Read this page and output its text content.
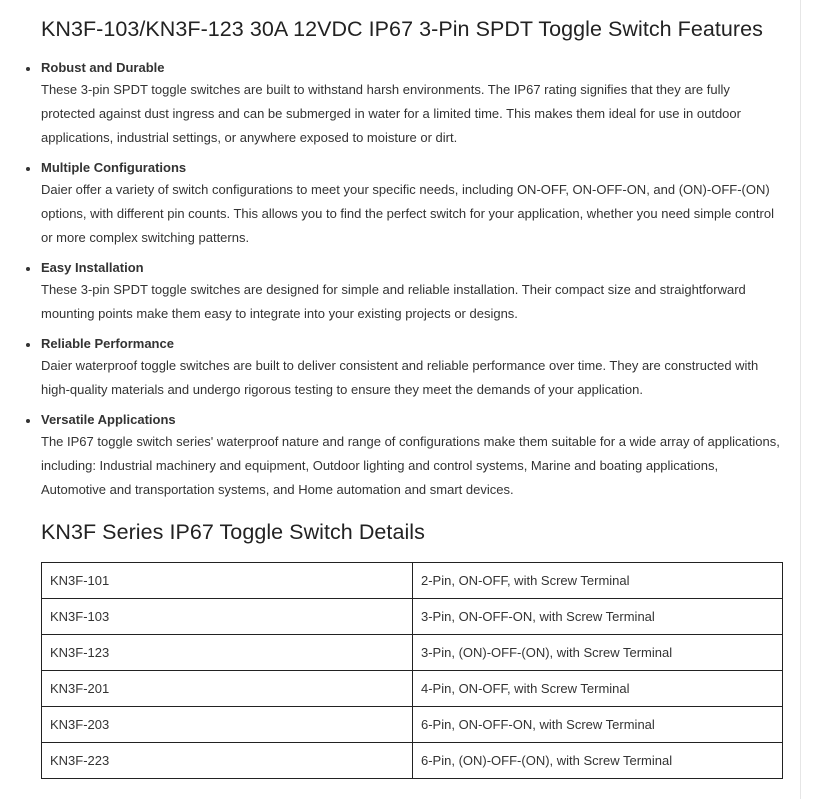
KN3F-103/KN3F-123 30A 12VDC IP67 3-Pin SPDT Toggle Switch Features
Robust and Durable
These 3-pin SPDT toggle switches are built to withstand harsh environments. The IP67 rating signifies that they are fully protected against dust ingress and can be submerged in water for a limited time. This makes them ideal for use in outdoor applications, industrial settings, or anywhere exposed to moisture or dirt.
Multiple Configurations
Daier offer a variety of switch configurations to meet your specific needs, including ON-OFF, ON-OFF-ON, and (ON)-OFF-(ON) options, with different pin counts. This allows you to find the perfect switch for your application, whether you need simple control or more complex switching patterns.
Easy Installation
These 3-pin SPDT toggle switches are designed for simple and reliable installation. Their compact size and straightforward mounting points make them easy to integrate into your existing projects or designs.
Reliable Performance
Daier waterproof toggle switches are built to deliver consistent and reliable performance over time. They are constructed with high-quality materials and undergo rigorous testing to ensure they meet the demands of your application.
Versatile Applications
The IP67 toggle switch series' waterproof nature and range of configurations make them suitable for a wide array of applications, including: Industrial machinery and equipment, Outdoor lighting and control systems, Marine and boating applications, Automotive and transportation systems, and Home automation and smart devices.
KN3F Series IP67 Toggle Switch Details
KN3F-101	2-Pin, ON-OFF, with Screw Terminal
KN3F-103	3-Pin, ON-OFF-ON, with Screw Terminal
KN3F-123	3-Pin, (ON)-OFF-(ON), with Screw Terminal
KN3F-201	4-Pin, ON-OFF, with Screw Terminal
KN3F-203	6-Pin, ON-OFF-ON, with Screw Terminal
KN3F-223	6-Pin, (ON)-OFF-(ON), with Screw Terminal
